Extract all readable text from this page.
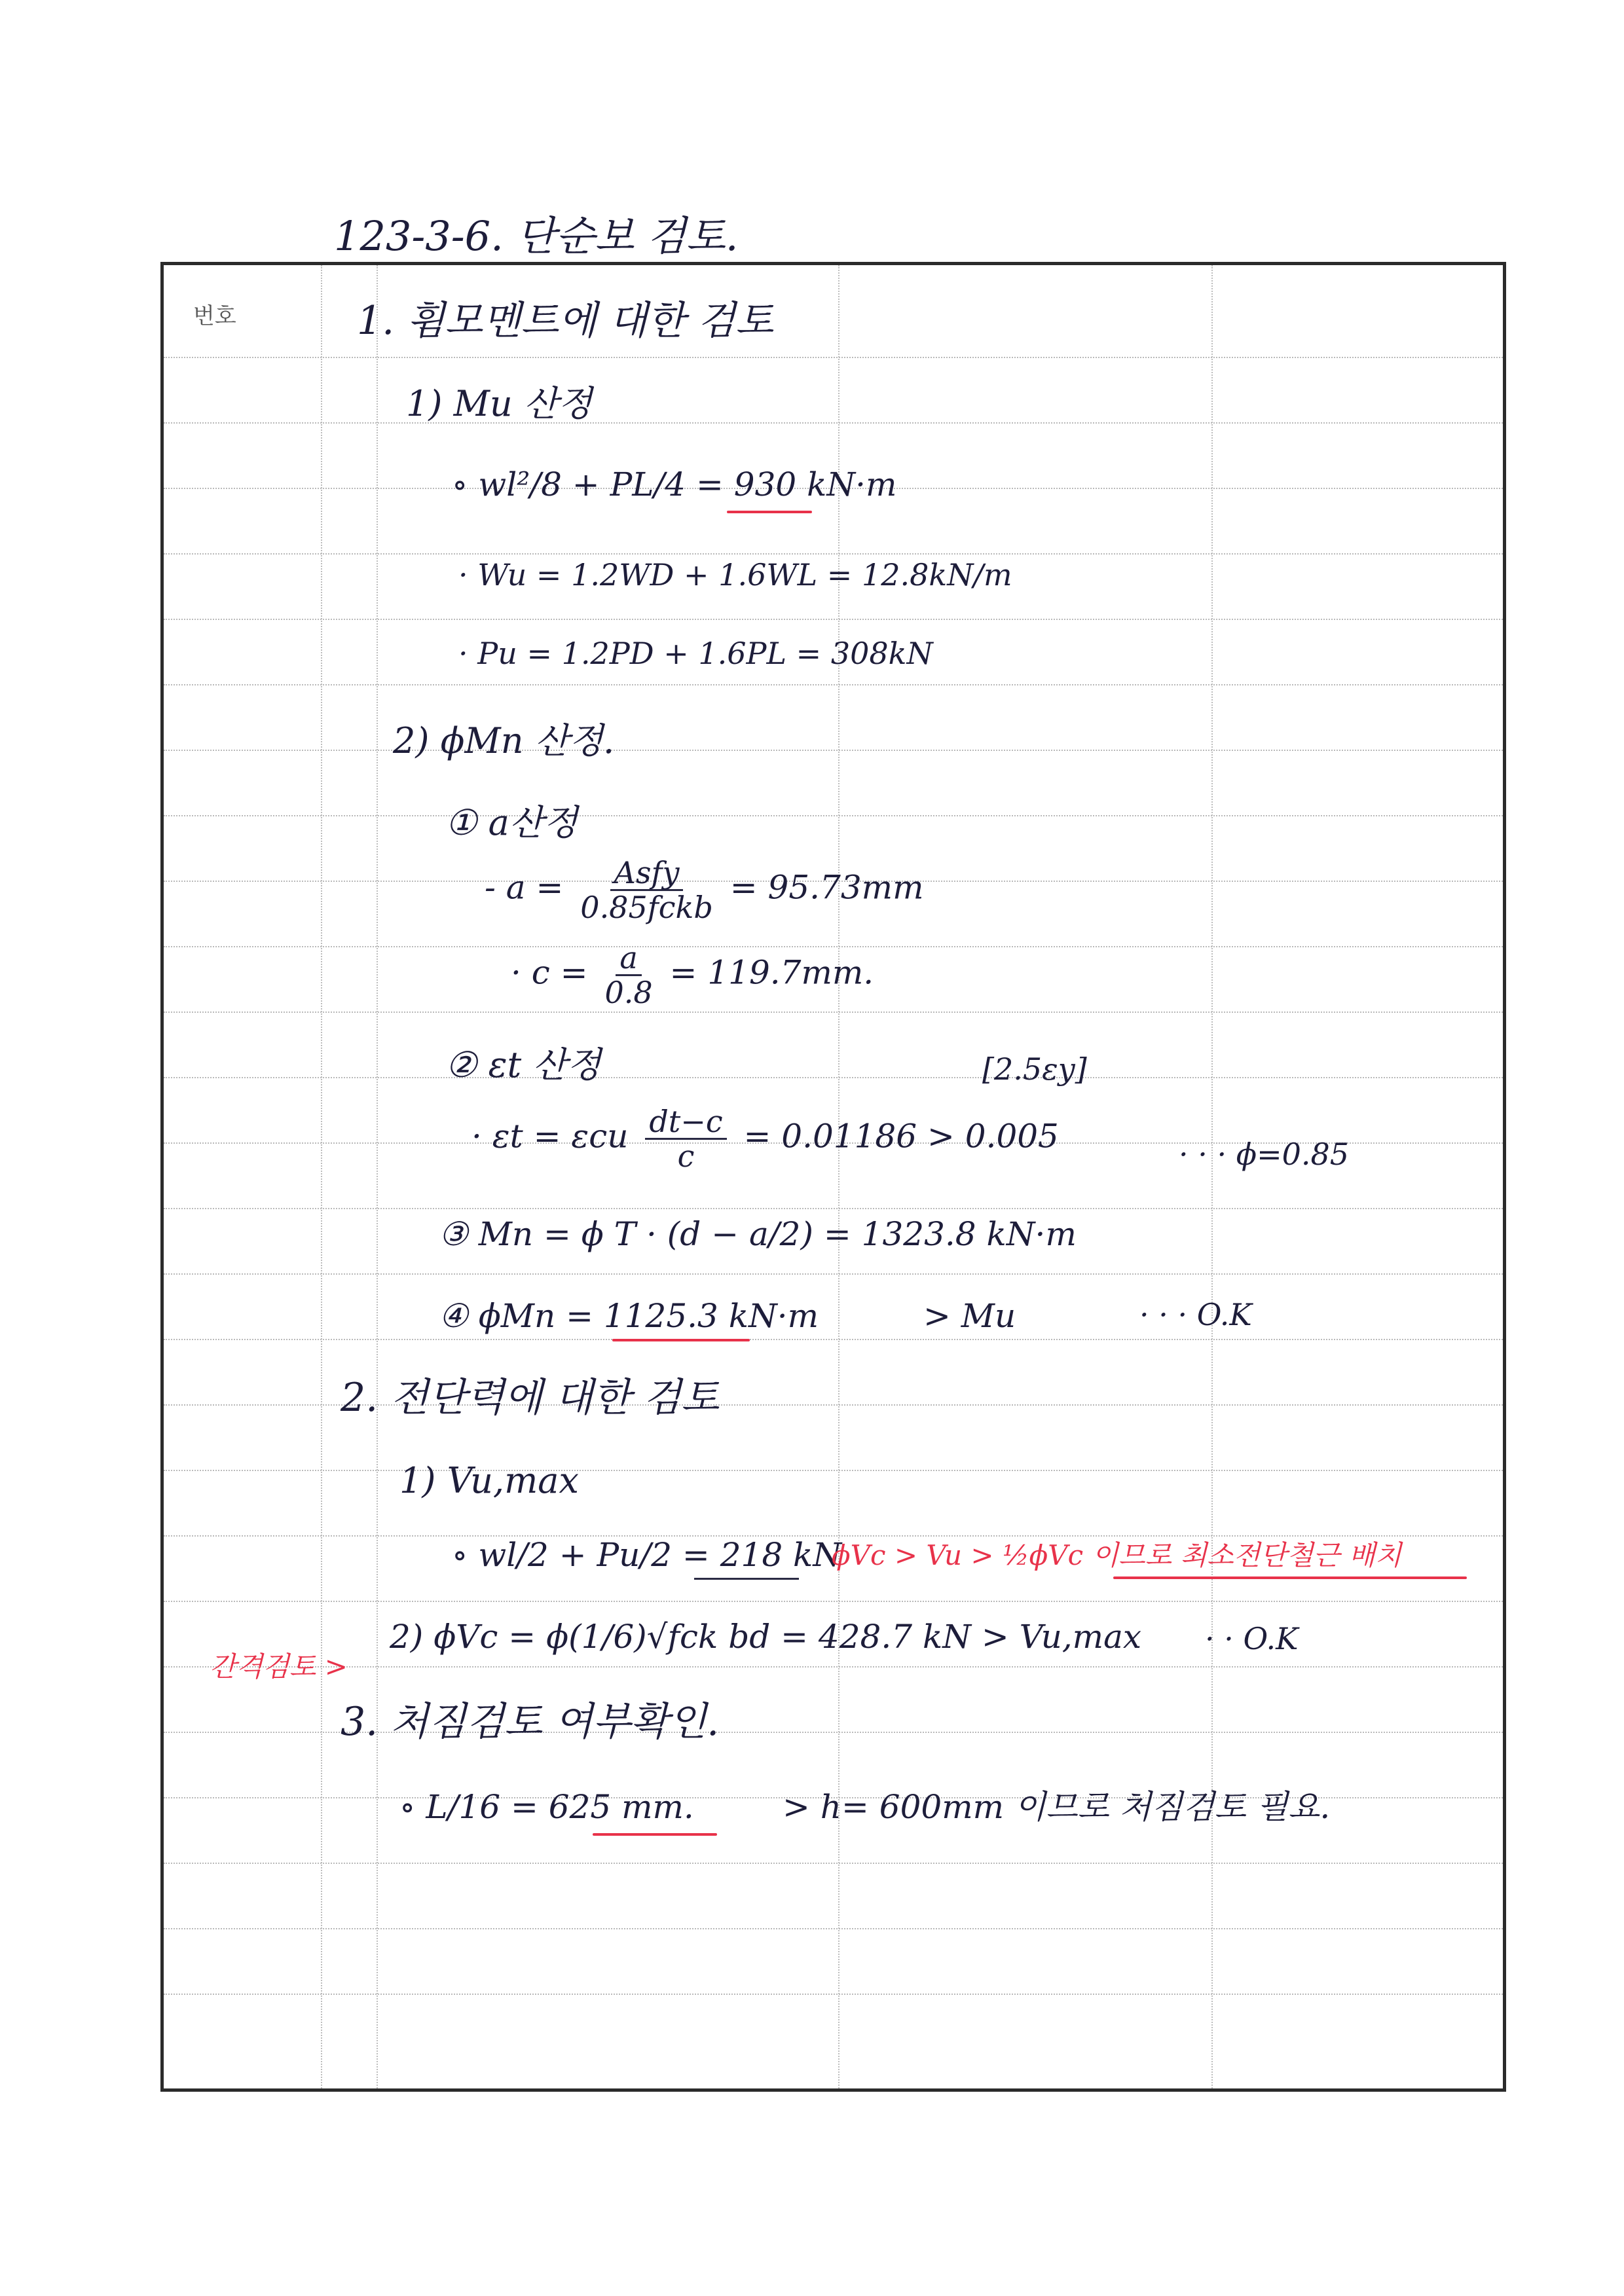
123-3-6. 단순보 검토.
번호	1. 휨모멘트에 대한 검토
1) Mu 산정
∘ wl²/8 + PL/4 = 930 kN·m
· Wu = 1.2WD + 1.6WL = 12.8kN/m
· Pu = 1.2PD + 1.6PL = 308kN
2) ϕMn 산정.
① a산정
- $a = \frac{\text{Asfy}}{\text{0.85fckb}} = 95.73mm$
· $c = \frac{a}{0.8} = 119.7mm$.
② εt 산정	[2.5εy]
· εt = εcu $\frac{dt-c}{c} = 0.01186 > 0.005$	· · · ϕ=0.85
③ Mn = ϕ T · (d − a/2) = 1323.8 kN·m
④ ϕMn = 1125.3 kN·m	> Mu	· · · O.K
2. 전단력에 대한 검토
1) Vu,max
∘ wl/2 + Pu/2 = 218 kN
ϕVc > Vu > ½ϕVc 이므로 최소전단철근 배치
간격검토 >
2) ϕVc = ϕ(1/6)√fck bd = 428.7 kN > Vu,max · · O.K
3. 처짐검토 여부확인.
∘ L/16 = 625 mm.	> h= 600mm 이므로 처짐검토 필요.
